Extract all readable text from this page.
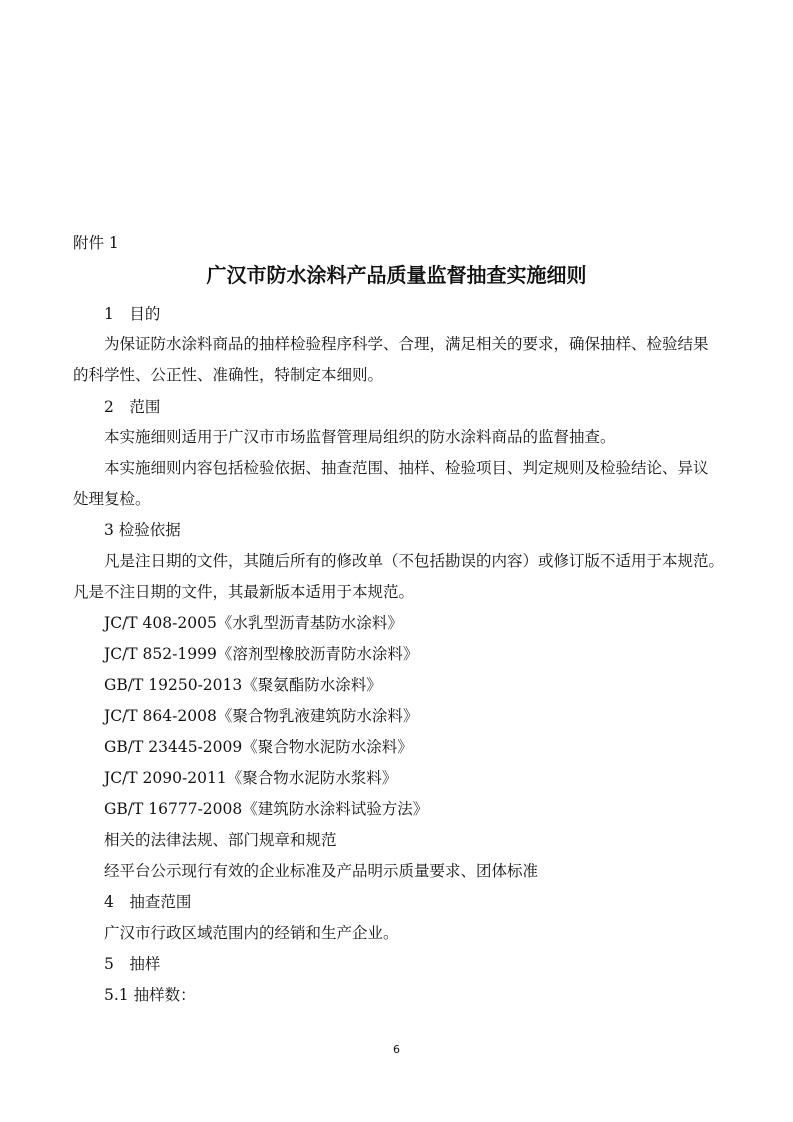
附件 1
广汉市防水涂料产品质量监督抽查实施细则
1　目的
为保证防水涂料商品的抽样检验程序科学、合理，满足相关的要求，确保抽样、检验结果
的科学性、公正性、准确性，特制定本细则。
2　范围
本实施细则适用于广汉市市场监督管理局组织的防水涂料商品的监督抽查。
本实施细则内容包括检验依据、抽查范围、抽样、检验项目、判定规则及检验结论、异议
处理复检。
3 检验依据
凡是注日期的文件，其随后所有的修改单（不包括勘误的内容）或修订版不适用于本规范。
凡是不注日期的文件，其最新版本适用于本规范。
JC/T 408-2005《水乳型沥青基防水涂料》
JC/T 852-1999《溶剂型橡胶沥青防水涂料》
GB/T 19250-2013《聚氨酯防水涂料》
JC/T 864-2008《聚合物乳液建筑防水涂料》
GB/T 23445-2009《聚合物水泥防水涂料》
JC/T 2090-2011《聚合物水泥防水浆料》
GB/T 16777-2008《建筑防水涂料试验方法》
相关的法律法规、部门规章和规范
经平台公示现行有效的企业标准及产品明示质量要求、团体标准
4　抽查范围
广汉市行政区域范围内的经销和生产企业。
5　抽样
5.1 抽样数：
6
